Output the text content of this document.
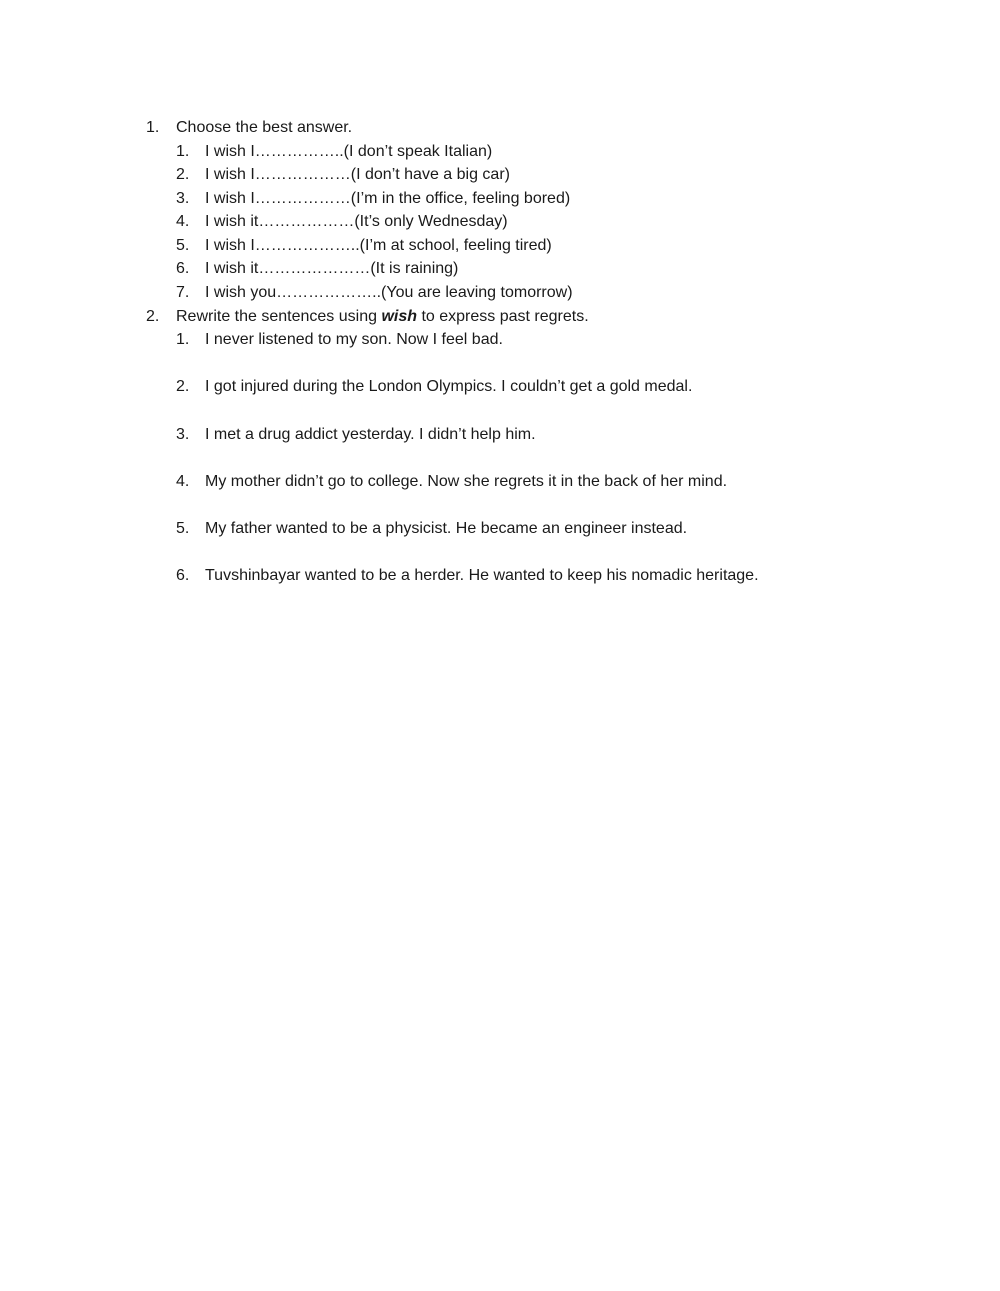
1. Choose the best answer.
1. I wish I……………..(I don’t speak Italian)
2. I wish I………………(I don’t have a big car)
3. I wish I………………(I’m in the office, feeling bored)
4. I wish it………………(It’s only Wednesday)
5. I wish I………………..(I’m at school, feeling tired)
6. I wish it…………………(It is raining)
7. I wish you………………..(You are leaving tomorrow)
2. Rewrite the sentences using wish to express past regrets.
1. I never listened to my son. Now I feel bad.
2. I got injured during the London Olympics. I couldn’t get a gold medal.
3. I met a drug addict yesterday. I didn’t help him.
4. My mother didn’t go to college. Now she regrets it in the back of her mind.
5. My father wanted to be a physicist. He became an engineer instead.
6. Tuvshinbayar wanted to be a herder. He wanted to keep his nomadic heritage.
